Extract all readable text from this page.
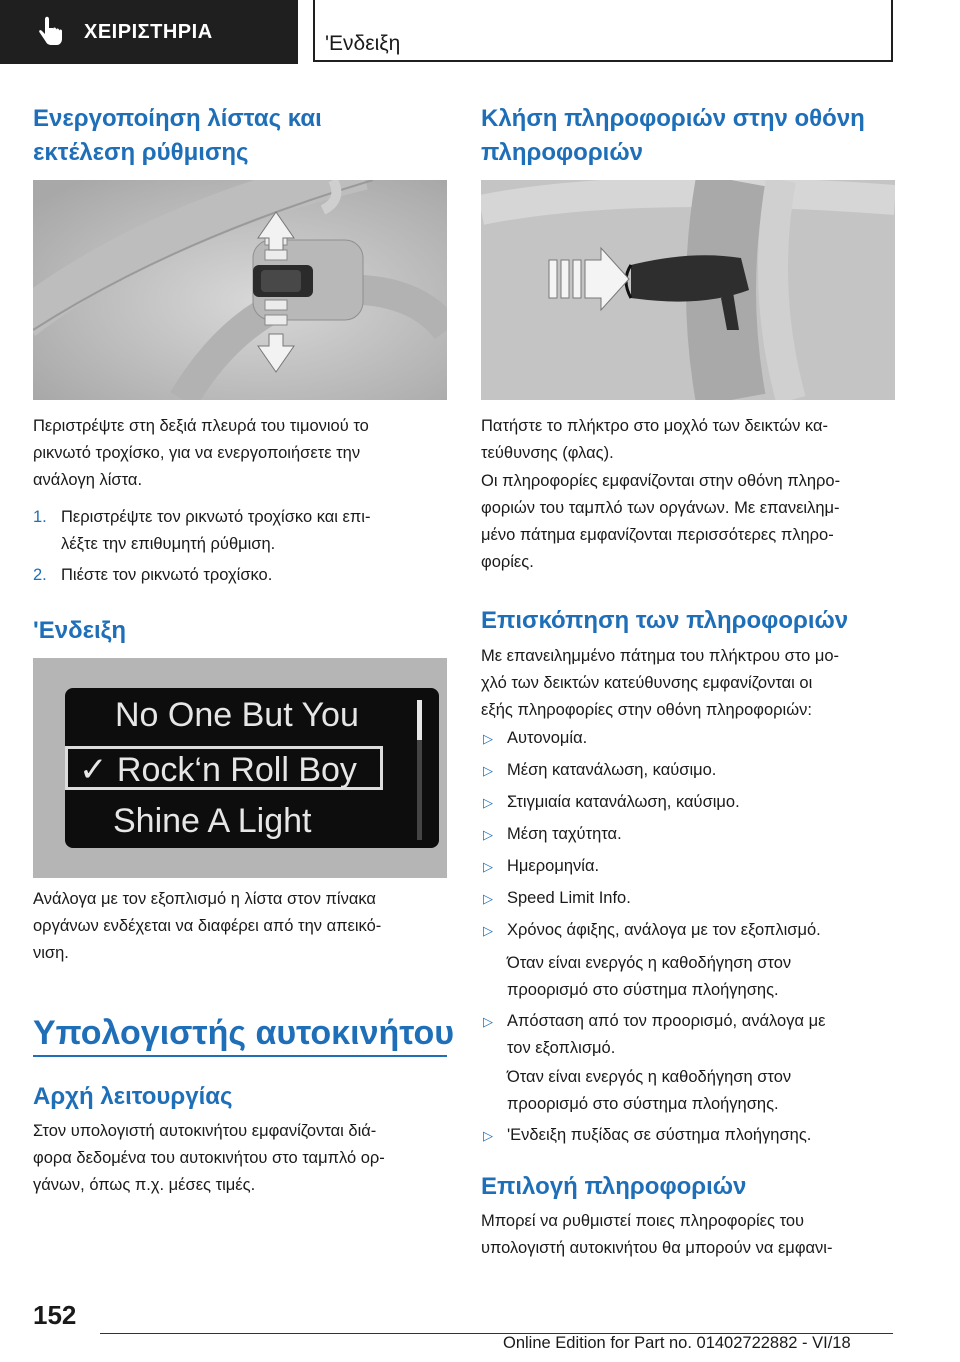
ΧΕΙΡΙΣΤΗΡΙΑ
'Ενδειξη
Ενεργοποίηση λίστας και
εκτέλεση ρύθμισης

Περιστρέψτε στη δεξιά πλευρά του τιμονιού το

ρικνωτό τροχίσκο, για να ενεργοποιήσετε την

ανάλογη λίστα.

1. Περιστρέψτε τον ρικνωτό τροχίσκο και επι‐
λέξτε την επιθυμητή ρύθμιση.
2. Πιέστε τον ρικνωτό τροχίσκο.
'Ενδειξη
No One But You
✓ Rock‘n Roll Boy
Shine A Light

Ανάλογα με τον εξοπλισμό η λίστα στον πίνακα

οργάνων ενδέχεται να διαφέρει από την απεικό‐

νιση.

Υπολογιστής αυτοκινήτου
Αρχή λειτουργίας

Στον υπολογιστή αυτοκινήτου εμφανίζονται διά‐

φορα δεδομένα του αυτοκινήτου στο ταμπλό ορ‐

γάνων, όπως π.χ. μέσες τιμές.

Κλήση πληροφοριών στην οθόνη
πληροφοριών

Πατήστε το πλήκτρο στο μοχλό των δεικτών κα‐

τεύθυνσης (φλας).

Οι πληροφορίες εμφανίζονται στην οθόνη πληρο‐

φοριών του ταμπλό των οργάνων. Με επανειλημ‐

μένο πάτημα εμφανίζονται περισσότερες πληρο‐

φορίες.

Επισκόπηση των πληροφοριών

Με επανειλημμένο πάτημα του πλήκτρου στο μο‐

χλό των δεικτών κατεύθυνσης εμφανίζονται οι

εξής πληροφορίες στην οθόνη πληροφοριών:

▷ Αυτονομία.
▷ Μέση κατανάλωση, καύσιμο.
▷ Στιγμιαία κατανάλωση, καύσιμο.
▷ Μέση ταχύτητα.
▷ Ημερομηνία.
▷ Speed Limit Info.
▷ Χρόνος άφιξης, ανάλογα με τον εξοπλισμό.
Όταν είναι ενεργός η καθοδήγηση στον
προορισμό στο σύστημα πλοήγησης.
▷ Απόσταση από τον προορισμό, ανάλογα με
τον εξοπλισμό.
Όταν είναι ενεργός η καθοδήγηση στον
προορισμό στο σύστημα πλοήγησης.
▷ 'Ενδειξη πυξίδας σε σύστημα πλοήγησης.
Επιλογή πληροφοριών

Μπορεί να ρυθμιστεί ποιες πληροφορίες του

υπολογιστή αυτοκινήτου θα μπορούν να εμφανι‐

152
Online Edition for Part no. 01402722882 - VI/18
